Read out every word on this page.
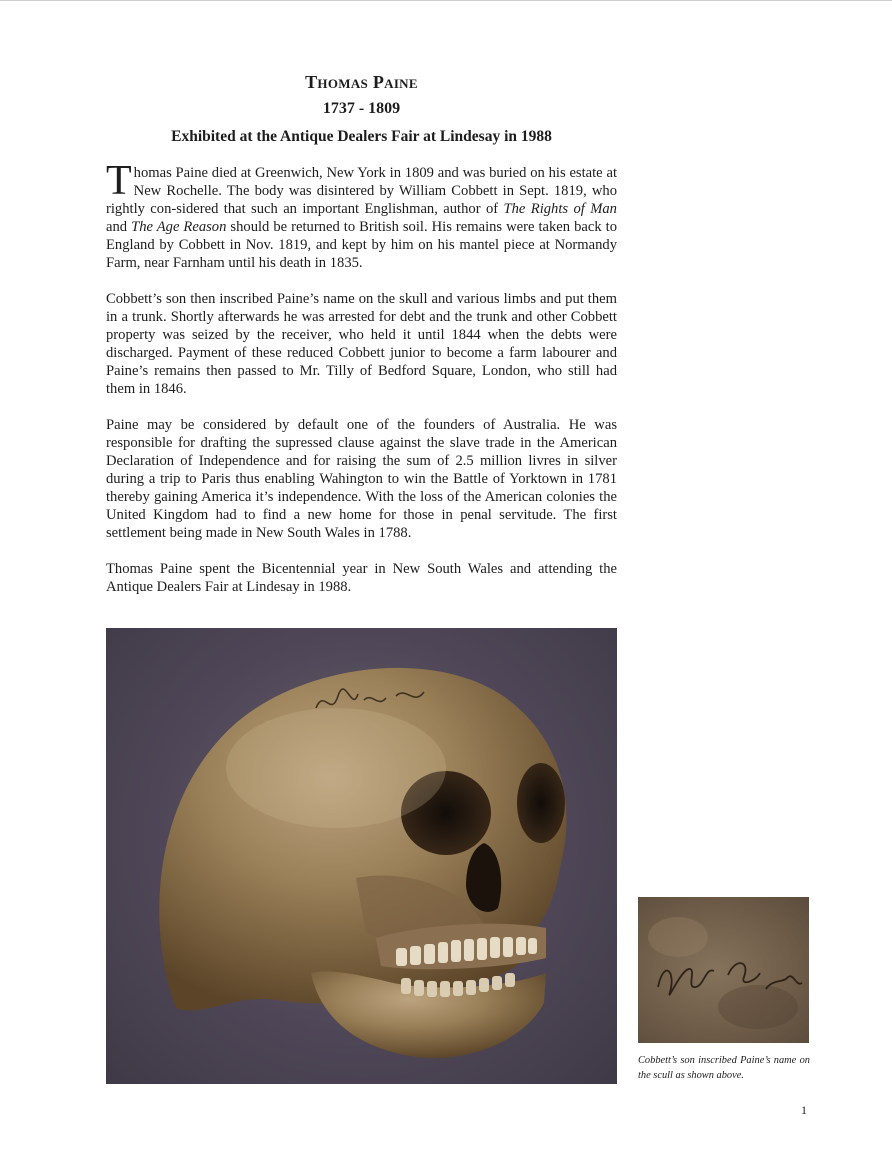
Thomas Paine

1737 - 1809

Exhibited at the Antique Dealers Fair at Lindesay in 1988

Thomas Paine died at Greenwich, New York in 1809 and was buried on his estate at New Rochelle. The body was disintered by William Cobbett in Sept. 1819, who rightly con-sidered that such an important Englishman, author of The Rights of Man and The Age Reason should be returned to British soil. His remains were taken back to England by Cobbett in Nov. 1819, and kept by him on his mantel piece at Normandy Farm, near Farnham until his death in 1835.

Cobbett’s son then inscribed Paine’s name on the skull and various limbs and put them in a trunk. Shortly afterwards he was arrested for debt and the trunk and other Cobbett property was seized by the receiver, who held it until 1844 when the debts were discharged. Payment of these reduced Cobbett junior to become a farm labourer and Paine’s remains then passed to Mr. Tilly of Bedford Square, London, who still had them in 1846.

Paine may be considered by default one of the founders of Australia. He was responsible for drafting the supressed clause against the slave trade in the American Declaration of Independence and for raising the sum of 2.5 million livres in silver during a trip to Paris thus enabling Wahington to win the Battle of Yorktown in 1781 thereby gaining America it’s independence. With the loss of the American colonies the United Kingdom had to find a new home for those in penal servitude. The first settlement being made in New South Wales in 1788.

Thomas Paine spent the Bicentennial year in New South Wales and attending the Antique Dealers Fair at Lindesay in 1988.

Cobbett’s son inscribed Paine’s name on the scull as shown above.

1
